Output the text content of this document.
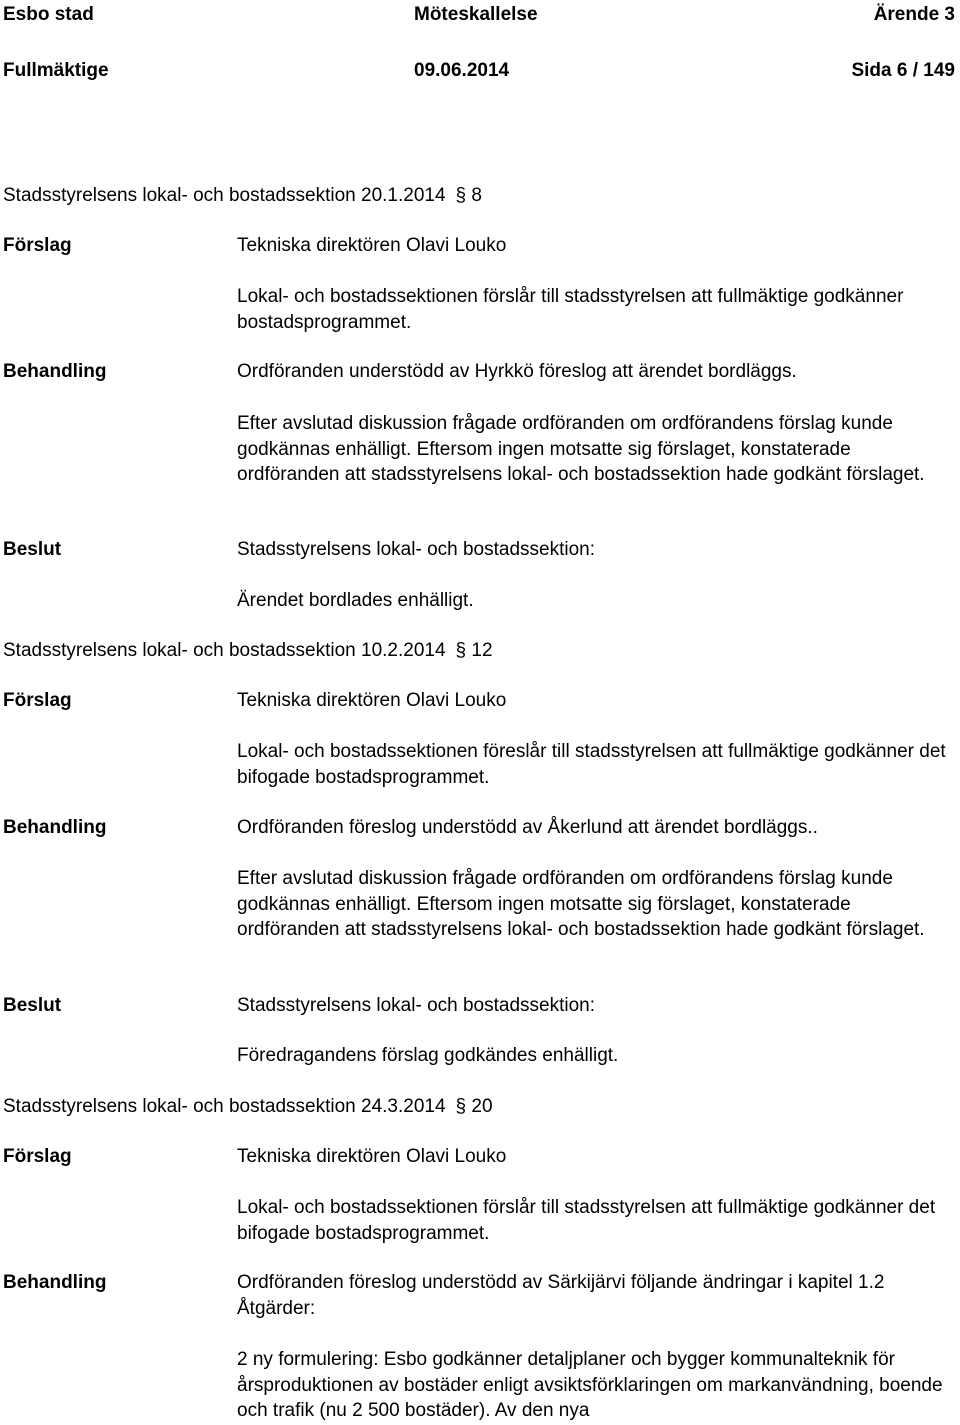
Esbo stad	Möteskallelse	Ärende 3
Fullmäktige	09.06.2014	Sida 6 / 149
Stadsstyrelsens lokal- och bostadssektion 20.1.2014 § 8
Förslag	Tekniska direktören Olavi Louko
Lokal- och bostadssektionen förslår till stadsstyrelsen att fullmäktige godkänner bostadsprogrammet.
Behandling	Ordföranden understödd av Hyrkkö föreslog att ärendet bordläggs.
Efter avslutad diskussion frågade ordföranden om ordförandens förslag kunde godkännas enhälligt. Eftersom ingen motsatte sig förslaget, konstaterade ordföranden att stadsstyrelsens lokal- och bostadssektion hade godkänt förslaget.
Beslut	Stadsstyrelsens lokal- och bostadssektion:
Ärendet bordlades enhälligt.
Stadsstyrelsens lokal- och bostadssektion 10.2.2014 § 12
Förslag	Tekniska direktören Olavi Louko
Lokal- och bostadssektionen föreslår till stadsstyrelsen att fullmäktige godkänner det bifogade bostadsprogrammet.
Behandling	Ordföranden föreslog understödd av Åkerlund att ärendet bordläggs..
Efter avslutad diskussion frågade ordföranden om ordförandens förslag kunde godkännas enhälligt. Eftersom ingen motsatte sig förslaget, konstaterade ordföranden att stadsstyrelsens lokal- och bostadssektion hade godkänt förslaget.
Beslut	Stadsstyrelsens lokal- och bostadssektion:
Föredragandens förslag godkändes enhälligt.
Stadsstyrelsens lokal- och bostadssektion 24.3.2014 § 20
Förslag	Tekniska direktören Olavi Louko
Lokal- och bostadssektionen förslår till stadsstyrelsen att fullmäktige godkänner det bifogade bostadsprogrammet.
Behandling	Ordföranden föreslog understödd av Särkijärvi följande ändringar i kapitel 1.2 Åtgärder:
2 ny formulering: Esbo godkänner detaljplaner och bygger kommunalteknik för årsproduktionen av bostäder enligt avsiktsförklaringen om markanvändning, boende och trafik (nu 2 500 bostäder). Av den nya
